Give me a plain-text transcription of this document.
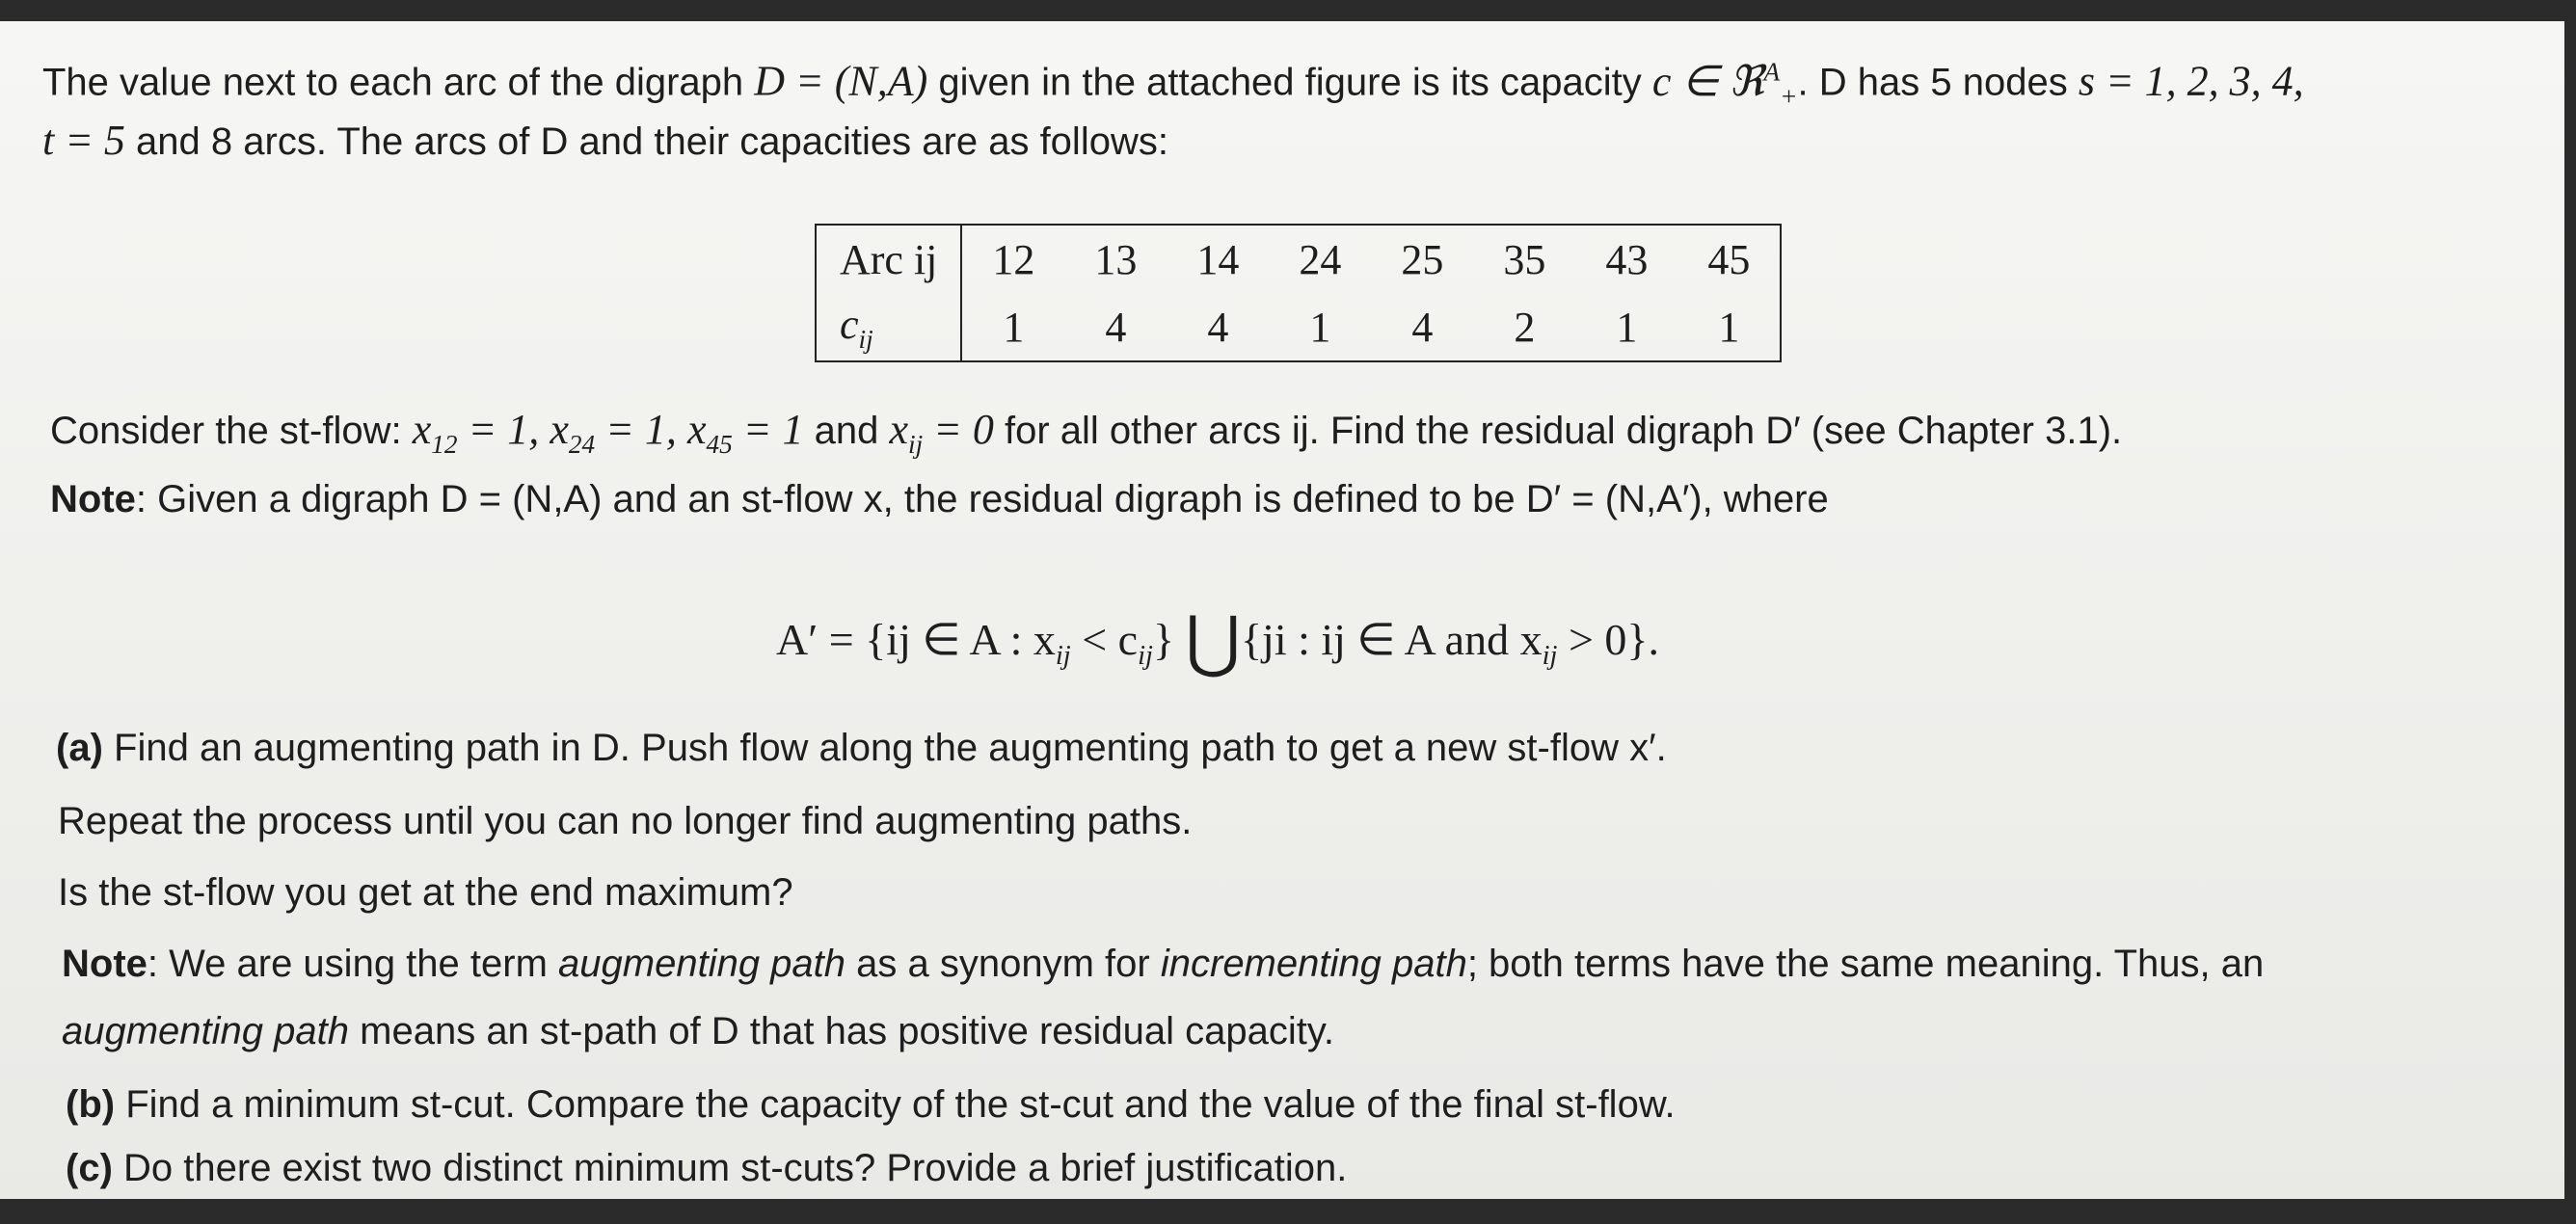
The value next to each arc of the digraph D = (N,A) given in the attached figure is its capacity c ∈ ℜ$^A_+$. D has 5 nodes s = 1, 2, 3, 4,
t = 5 and 8 arcs. The arcs of D and their capacities are as follows:
Arc ij	12	13	14	24	25	35	43	45
$c_{ij}$	1	4	4	1	4	2	1	1
Consider the st-flow: $x_{12} = 1$, $x_{24} = 1$, $x_{45} = 1$ and $x_{ij} = 0$ for all other arcs ij. Find the residual digraph D′ (see Chapter 3.1).
Note: Given a digraph D = (N,A) and an st-flow x, the residual digraph is defined to be D′ = (N,A′), where
A′ = {ij ∈ A : $x_{ij} < c_{ij}$} ⋃{ji : ij ∈ A and $x_{ij} > 0$}.
(a) Find an augmenting path in D. Push flow along the augmenting path to get a new st-flow x′.
Repeat the process until you can no longer find augmenting paths.
Is the st-flow you get at the end maximum?
Note: We are using the term augmenting path as a synonym for incrementing path; both terms have the same meaning. Thus, an
augmenting path means an st-path of D that has positive residual capacity.
(b) Find a minimum st-cut. Compare the capacity of the st-cut and the value of the final st-flow.
(c) Do there exist two distinct minimum st-cuts? Provide a brief justification.
